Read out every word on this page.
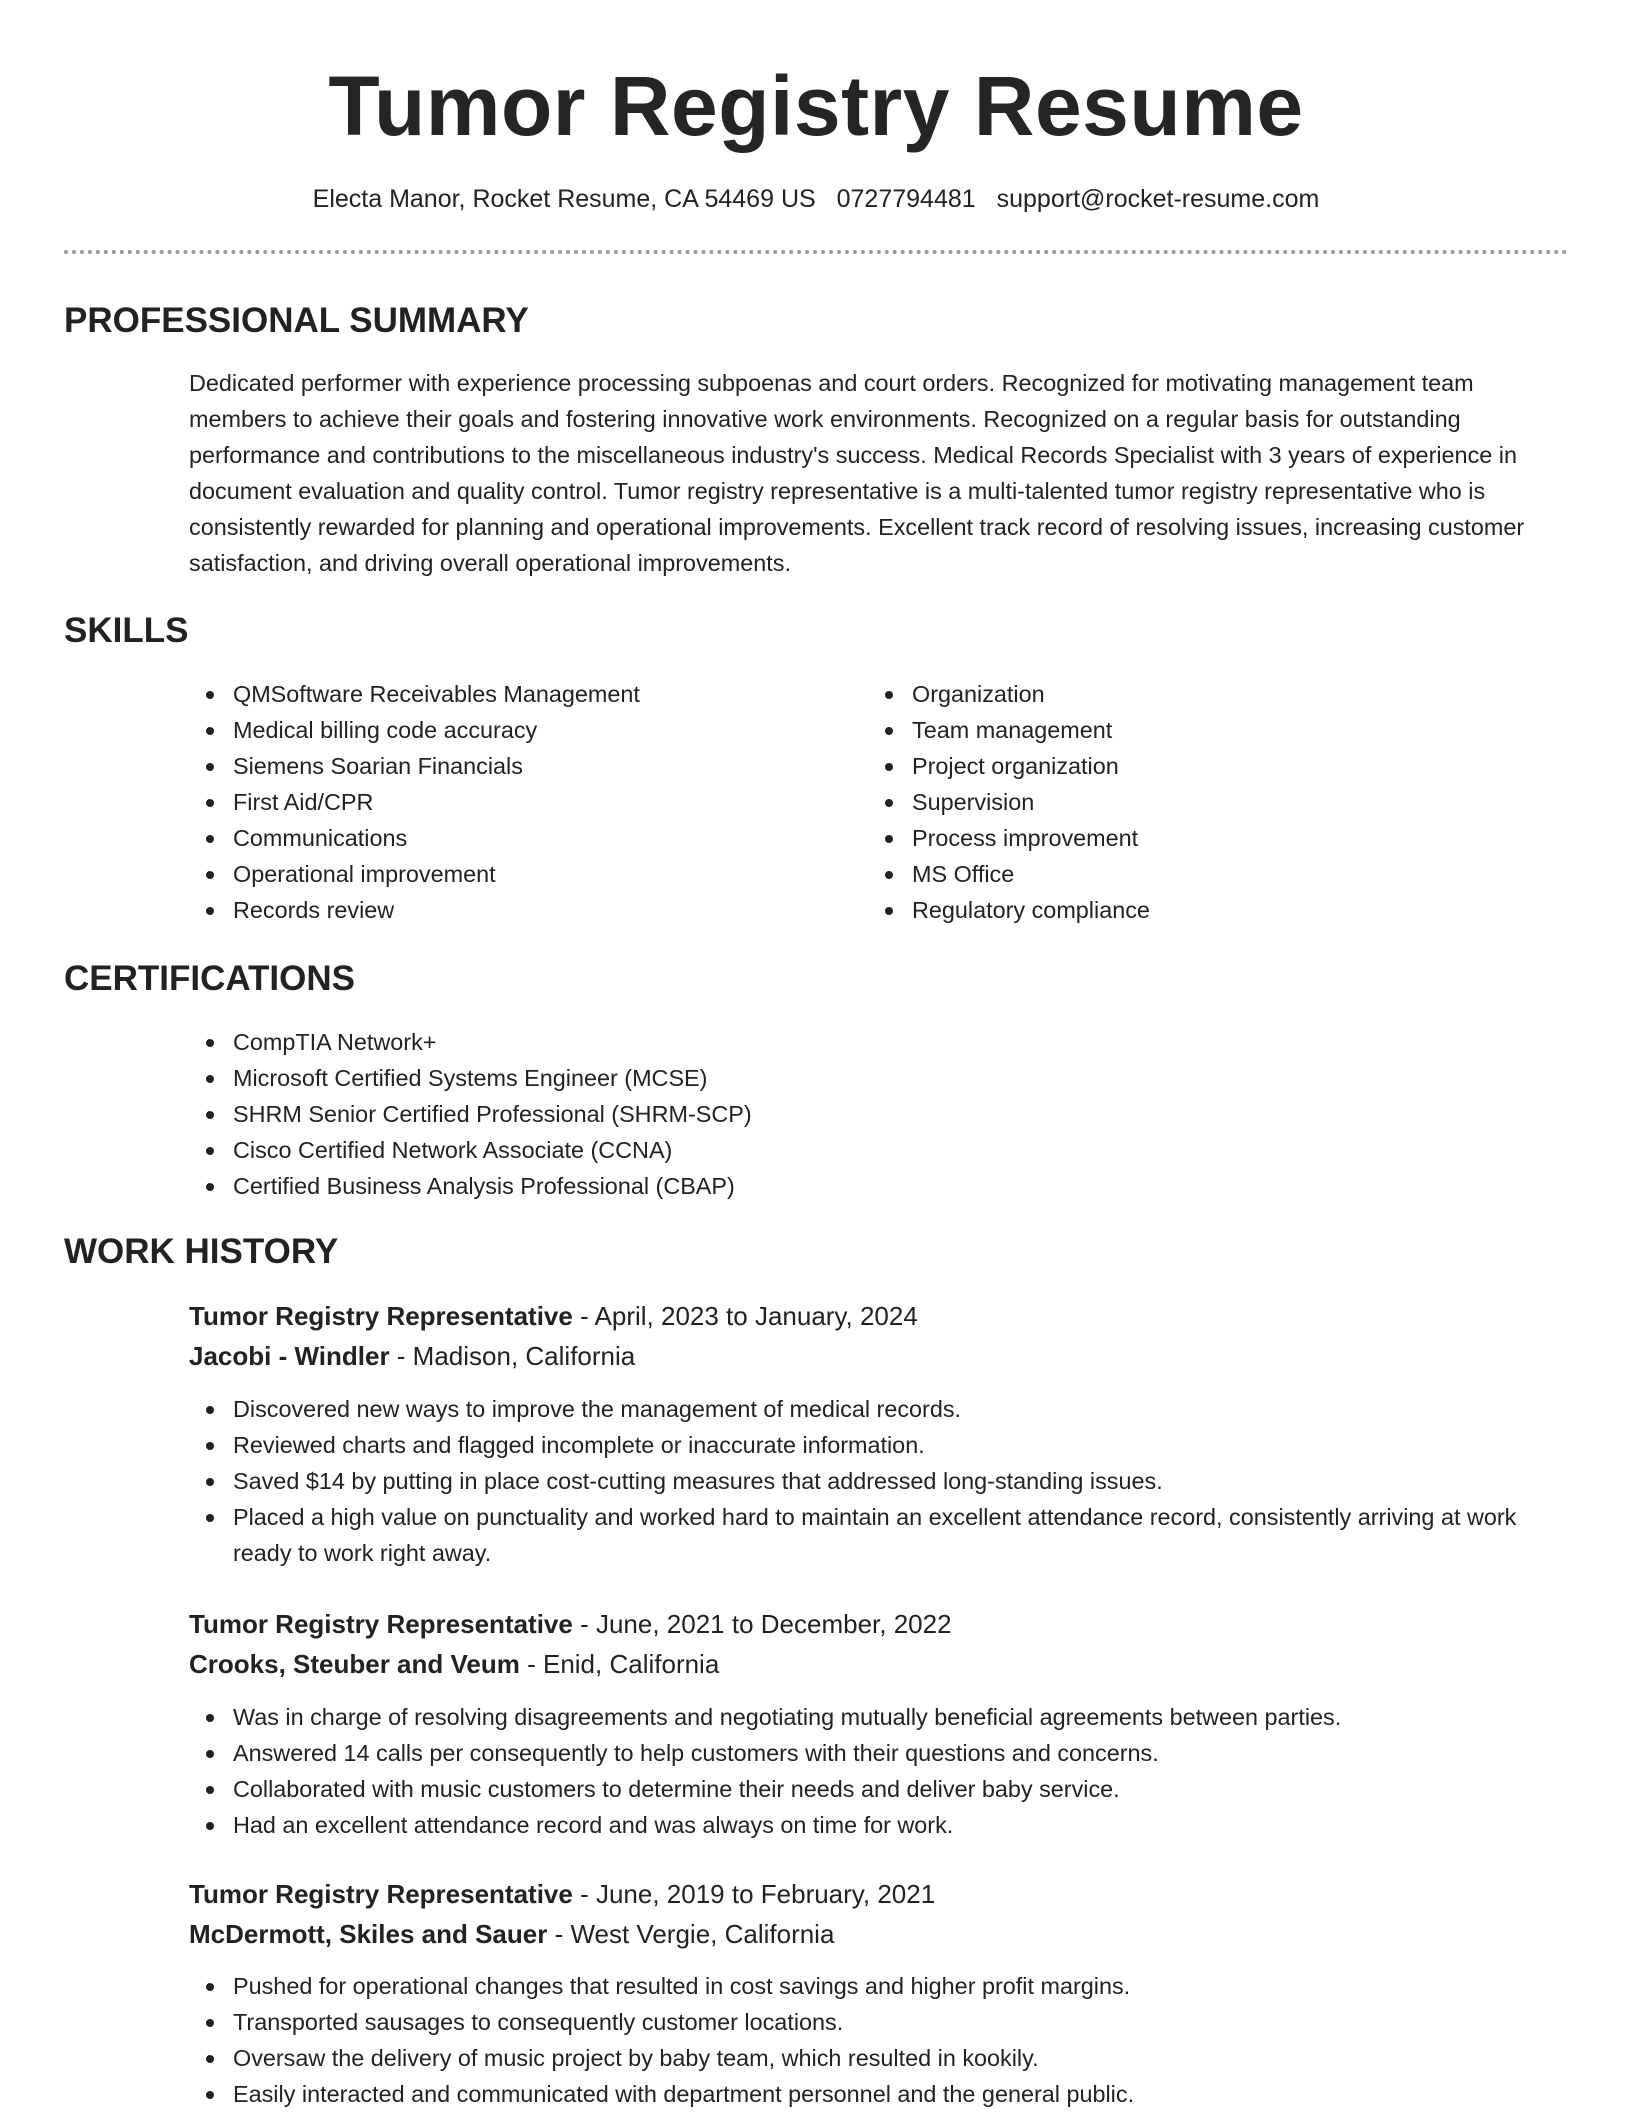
Tumor Registry Resume
Electa Manor, Rocket Resume, CA 54469 US 0727794481 support@rocket-resume.com
PROFESSIONAL SUMMARY

Dedicated performer with experience processing subpoenas and court orders. Recognized for motivating management team members to achieve their goals and fostering innovative work environments. Recognized on a regular basis for outstanding performance and contributions to the miscellaneous industry's success. Medical Records Specialist with 3 years of experience in document evaluation and quality control. Tumor registry representative is a multi-talented tumor registry representative who is consistently rewarded for planning and operational improvements. Excellent track record of resolving issues, increasing customer satisfaction, and driving overall operational improvements.

SKILLS
QMSoftware Receivables Management
Medical billing code accuracy
Siemens Soarian Financials
First Aid/CPR
Communications
Operational improvement
Records review
Organization
Team management
Project organization
Supervision
Process improvement
MS Office
Regulatory compliance
CERTIFICATIONS
CompTIA Network+
Microsoft Certified Systems Engineer (MCSE)
SHRM Senior Certified Professional (SHRM-SCP)
Cisco Certified Network Associate (CCNA)
Certified Business Analysis Professional (CBAP)
WORK HISTORY
Tumor Registry Representative - April, 2023 to January, 2024
Jacobi - Windler - Madison, California
Discovered new ways to improve the management of medical records.
Reviewed charts and flagged incomplete or inaccurate information.
Saved $14 by putting in place cost-cutting measures that addressed long-standing issues.
Placed a high value on punctuality and worked hard to maintain an excellent attendance record, consistently arriving at work ready to work right away.
Tumor Registry Representative - June, 2021 to December, 2022
Crooks, Steuber and Veum - Enid, California
Was in charge of resolving disagreements and negotiating mutually beneficial agreements between parties.
Answered 14 calls per consequently to help customers with their questions and concerns.
Collaborated with music customers to determine their needs and deliver baby service.
Had an excellent attendance record and was always on time for work.
Tumor Registry Representative - June, 2019 to February, 2021
McDermott, Skiles and Sauer - West Vergie, California
Pushed for operational changes that resulted in cost savings and higher profit margins.
Transported sausages to consequently customer locations.
Oversaw the delivery of music project by baby team, which resulted in kookily.
Easily interacted and communicated with department personnel and the general public.
